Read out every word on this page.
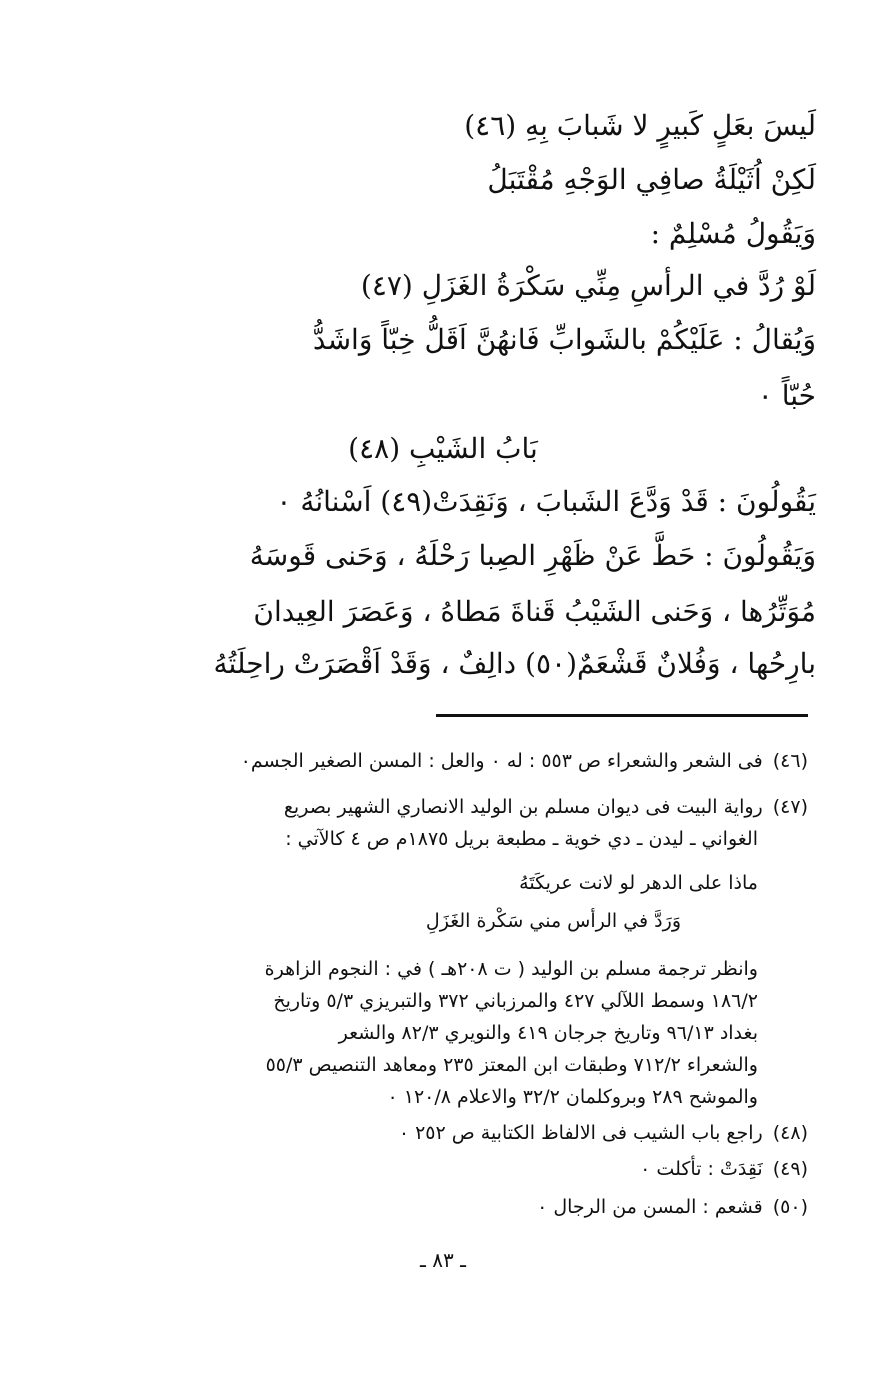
لَيسَ بعَلٍ كَبيرٍ لا شَبابَ بِهِ (٤٦)
لَكِنْ اُثَيْلَةُ صافِي الوَجْهِ مُقْتَبَلُ
وَيَقُولُ مُسْلِمٌ :
لَوْ رُدَّ في الرأسِ مِنِّي سَكْرَةُ الغَزَلِ (٤٧)
وَيُقالُ : عَلَيْكُمْ بالشَوابِّ فَانهُنَّ اَقَلُّ خِبّاً وَاشَدُّ
حُبّاً ٠
بَابُ الشَيْبِ (٤٨)
يَقُولُونَ : قَدْ وَدَّعَ الشَبابَ ، وَنَقِدَتْ(٤٩) اَسْنانُهُ ٠
وَيَقُولُونَ : حَطَّ عَنْ ظَهْرِ الصِبا رَحْلَهُ ، وَحَنى قَوسَهُ
مُوَتِّرُها ، وَحَنى الشَيْبُ قَناةَ مَطاهُ ، وَعَصَرَ العِيدانَ
بارِحُها ، وَفُلانٌ قَشْعَمٌ(٥٠) دالِفٌ ، وَقَدْ اَقْصَرَتْ راحِلَتُهُ
(٤٦)فى الشعر والشعراء ص ٥٥٣ : له ٠ والعل : المسن الصغير الجسم٠
(٤٧)رواية البيت فى ديوان مسلم بن الوليد الانصاري الشهير بصريع
الغواني ـ ليدن ـ دي خوية ـ مطبعة بريل ١٨٧٥م ص ٤ كالآتي :
ماذا على الدهر لو لانت عريكَتَهُ
وَرَدَّ في الرأس مني سَكْرة الغَزَلِ
وانظر ترجمة مسلم بن الوليد ( ت ٢٠٨هـ ) في : النجوم الزاهرة
١٨٦/٢ وسمط اللآلي ٤٢٧ والمرزباني ٣٧٢ والتبريزي ٥/٣ وتاريخ
بغداد ٩٦/١٣ وتاريخ جرجان ٤١٩ والنويري ٨٢/٣ والشعر
والشعراء ٧١٢/٢ وطبقات ابن المعتز ٢٣٥ ومعاهد التنصيص ٥٥/٣
والموشح ٢٨٩ وبروكلمان ٣٢/٢ والاعلام ١٢٠/٨ ٠
(٤٨)راجع باب الشيب فى الالفاظ الكتابية ص ٢٥٢ ٠
(٤٩)نَقِدَتْ : تأكلت ٠
(٥٠)قشعم : المسن من الرجال ٠
ـ ٨٣ ـ
